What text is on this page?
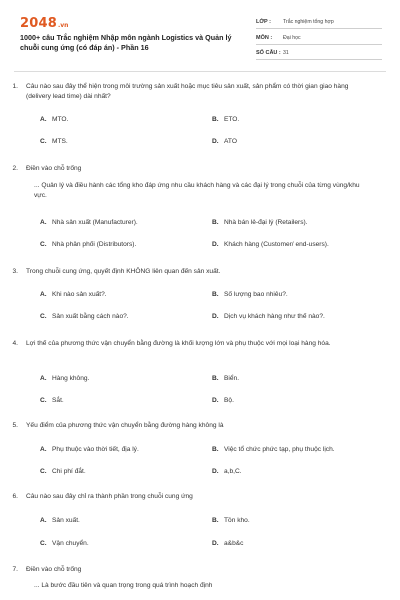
2048 .vn
1000+ câu Trắc nghiệm Nhập môn ngành Logistics và Quản lý chuỗi cung ứng (có đáp án) - Phần 16
LỚP :	Trắc nghiệm tổng hợp
MÔN :	Đại học
SỐ CÂU : 31
1.	Câu nào sau đây thể hiện trong môi trường sản xuất hoặc mục tiêu sản xuất, sản phẩm có thời gian giao hàng (delivery lead time) dài nhất?
A. MTO.	B. ETO.
C. MTS.	D. ATO
2.	Điền vào chỗ trống
... Quản lý và điều hành các tổng kho đáp ứng nhu cầu khách hàng và các đại lý trong chuỗi của từng vùng/khu vực.
A. Nhà sản xuất (Manufacturer).	B. Nhà bán lẻ-đại lý (Retailers).
C. Nhà phân phối (Distributors).	D. Khách hàng (Customer/ end-users).
3.	Trong chuỗi cung ứng, quyết định KHÔNG liên quan đến sản xuất.
A. Khi nào sản xuất?.	B. Số lượng bao nhiêu?.
C. Sản xuất bằng cách nào?.	D. Dịch vụ khách hàng như thế nào?.
4.	Lợi thế của phương thức vận chuyển bằng đường là khối lượng lớn và phụ thuộc với mọi loại hàng hóa.
A. Hàng không.	B. Biển.
C. Sắt.	D. Bộ.
5.	Yếu điểm của phương thức vận chuyển bằng đường hàng không là
A. Phụ thuộc vào thời tiết, địa lý.	B. Việc tổ chức phức tạp, phụ thuộc lịch.
C. Chi phí đắt.	D. a,b,C.
6.	Câu nào sau đây chỉ ra thành phần trong chuỗi cung ứng
A. Sản xuất.	B. Tồn kho.
C. Vận chuyển.	D. a&b&c
7.	Điền vào chỗ trống
... Là bước đầu tiên và quan trọng trong quá trình hoạch định
